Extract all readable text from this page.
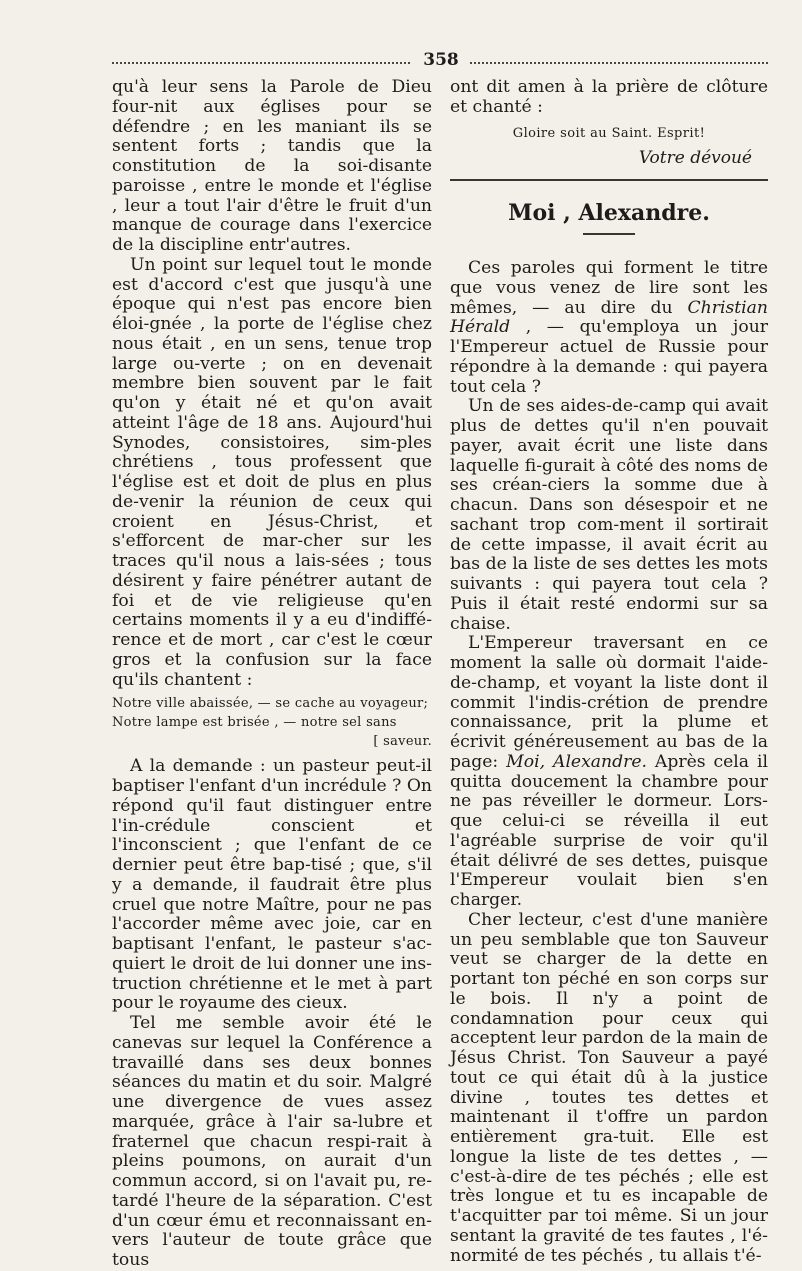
358

qu'à leur sens la Parole de Dieu four-nit aux églises pour se défendre ; en les maniant ils se sentent forts ; tandis que la constitution de la soi-disante paroisse , entre le monde et l'église , leur a tout l'air d'être le fruit d'un manque de courage dans l'exercice de la discipline entr'autres.

Un point sur lequel tout le monde est d'accord c'est que jusqu'à une époque qui n'est pas encore bien éloi-gnée , la porte de l'église chez nous était , en un sens, tenue trop large ou-verte ; on en devenait membre bien souvent par le fait qu'on y était né et qu'on avait atteint l'âge de 18 ans. Aujourd'hui Synodes, consistoires, sim-ples chrétiens , tous professent que l'église est et doit de plus en plus de-venir la réunion de ceux qui croient en Jésus-Christ, et s'efforcent de mar-cher sur les traces qu'il nous a lais-sées ; tous désirent y faire pénétrer autant de foi et de vie religieuse qu'en certains moments il y a eu d'indiffé-rence et de mort , car c'est le cœur gros et la confusion sur la face qu'ils chantent :

Notre ville abaissée, — se cache au voyageur;
Notre lampe est brisée , — notre sel sans
[ saveur.

A la demande : un pasteur peut-il baptiser l'enfant d'un incrédule ? On répond qu'il faut distinguer entre l'in-crédule conscient et l'inconscient ; que l'enfant de ce dernier peut être bap-tisé ; que, s'il y a demande, il faudrait être plus cruel que notre Maître, pour ne pas l'accorder même avec joie, car en baptisant l'enfant, le pasteur s'ac-quiert le droit de lui donner une ins-truction chrétienne et le met à part pour le royaume des cieux.

Tel me semble avoir été le canevas sur lequel la Conférence a travaillé dans ses deux bonnes séances du matin et du soir. Malgré une divergence de vues assez marquée, grâce à l'air sa-lubre et fraternel que chacun respi-rait à pleins poumons, on aurait d'un commun accord, si on l'avait pu, re-tardé l'heure de la séparation. C'est d'un cœur ému et reconnaissant en-vers l'auteur de toute grâce que tous

ont dit amen à la prière de clôture et chanté :

Gloire soit au Saint. Esprit!
Votre dévoué
Moi , Alexandre.

Ces paroles qui forment le titre que vous venez de lire sont les mêmes, — au dire du Christian Hérald , — qu'employa un jour l'Empereur actuel de Russie pour répondre à la demande : qui payera tout cela ?

Un de ses aides-de-camp qui avait plus de dettes qu'il n'en pouvait payer, avait écrit une liste dans laquelle fi-gurait à côté des noms de ses créan-ciers la somme due à chacun. Dans son désespoir et ne sachant trop com-ment il sortirait de cette impasse, il avait écrit au bas de la liste de ses dettes les mots suivants : qui payera tout cela ? Puis il était resté endormi sur sa chaise.

L'Empereur traversant en ce moment la salle où dormait l'aide-de-champ, et voyant la liste dont il commit l'indis-crétion de prendre connaissance, prit la plume et écrivit généreusement au bas de la page: Moi, Alexandre. Après cela il quitta doucement la chambre pour ne pas réveiller le dormeur. Lors-que celui-ci se réveilla il eut l'agréable surprise de voir qu'il était délivré de ses dettes, puisque l'Empereur voulait bien s'en charger.

Cher lecteur, c'est d'une manière un peu semblable que ton Sauveur veut se charger de la dette en portant ton péché en son corps sur le bois. Il n'y a point de condamnation pour ceux qui acceptent leur pardon de la main de Jésus Christ. Ton Sauveur a payé tout ce qui était dû à la justice divine , toutes tes dettes et maintenant il t'offre un pardon entièrement gra-tuit. Elle est longue la liste de tes dettes , — c'est-à-dire de tes péchés ; elle est très longue et tu es incapable de t'acquitter par toi même. Si un jour sentant la gravité de tes fautes , l'é-normité de tes péchés , tu allais t'é-
